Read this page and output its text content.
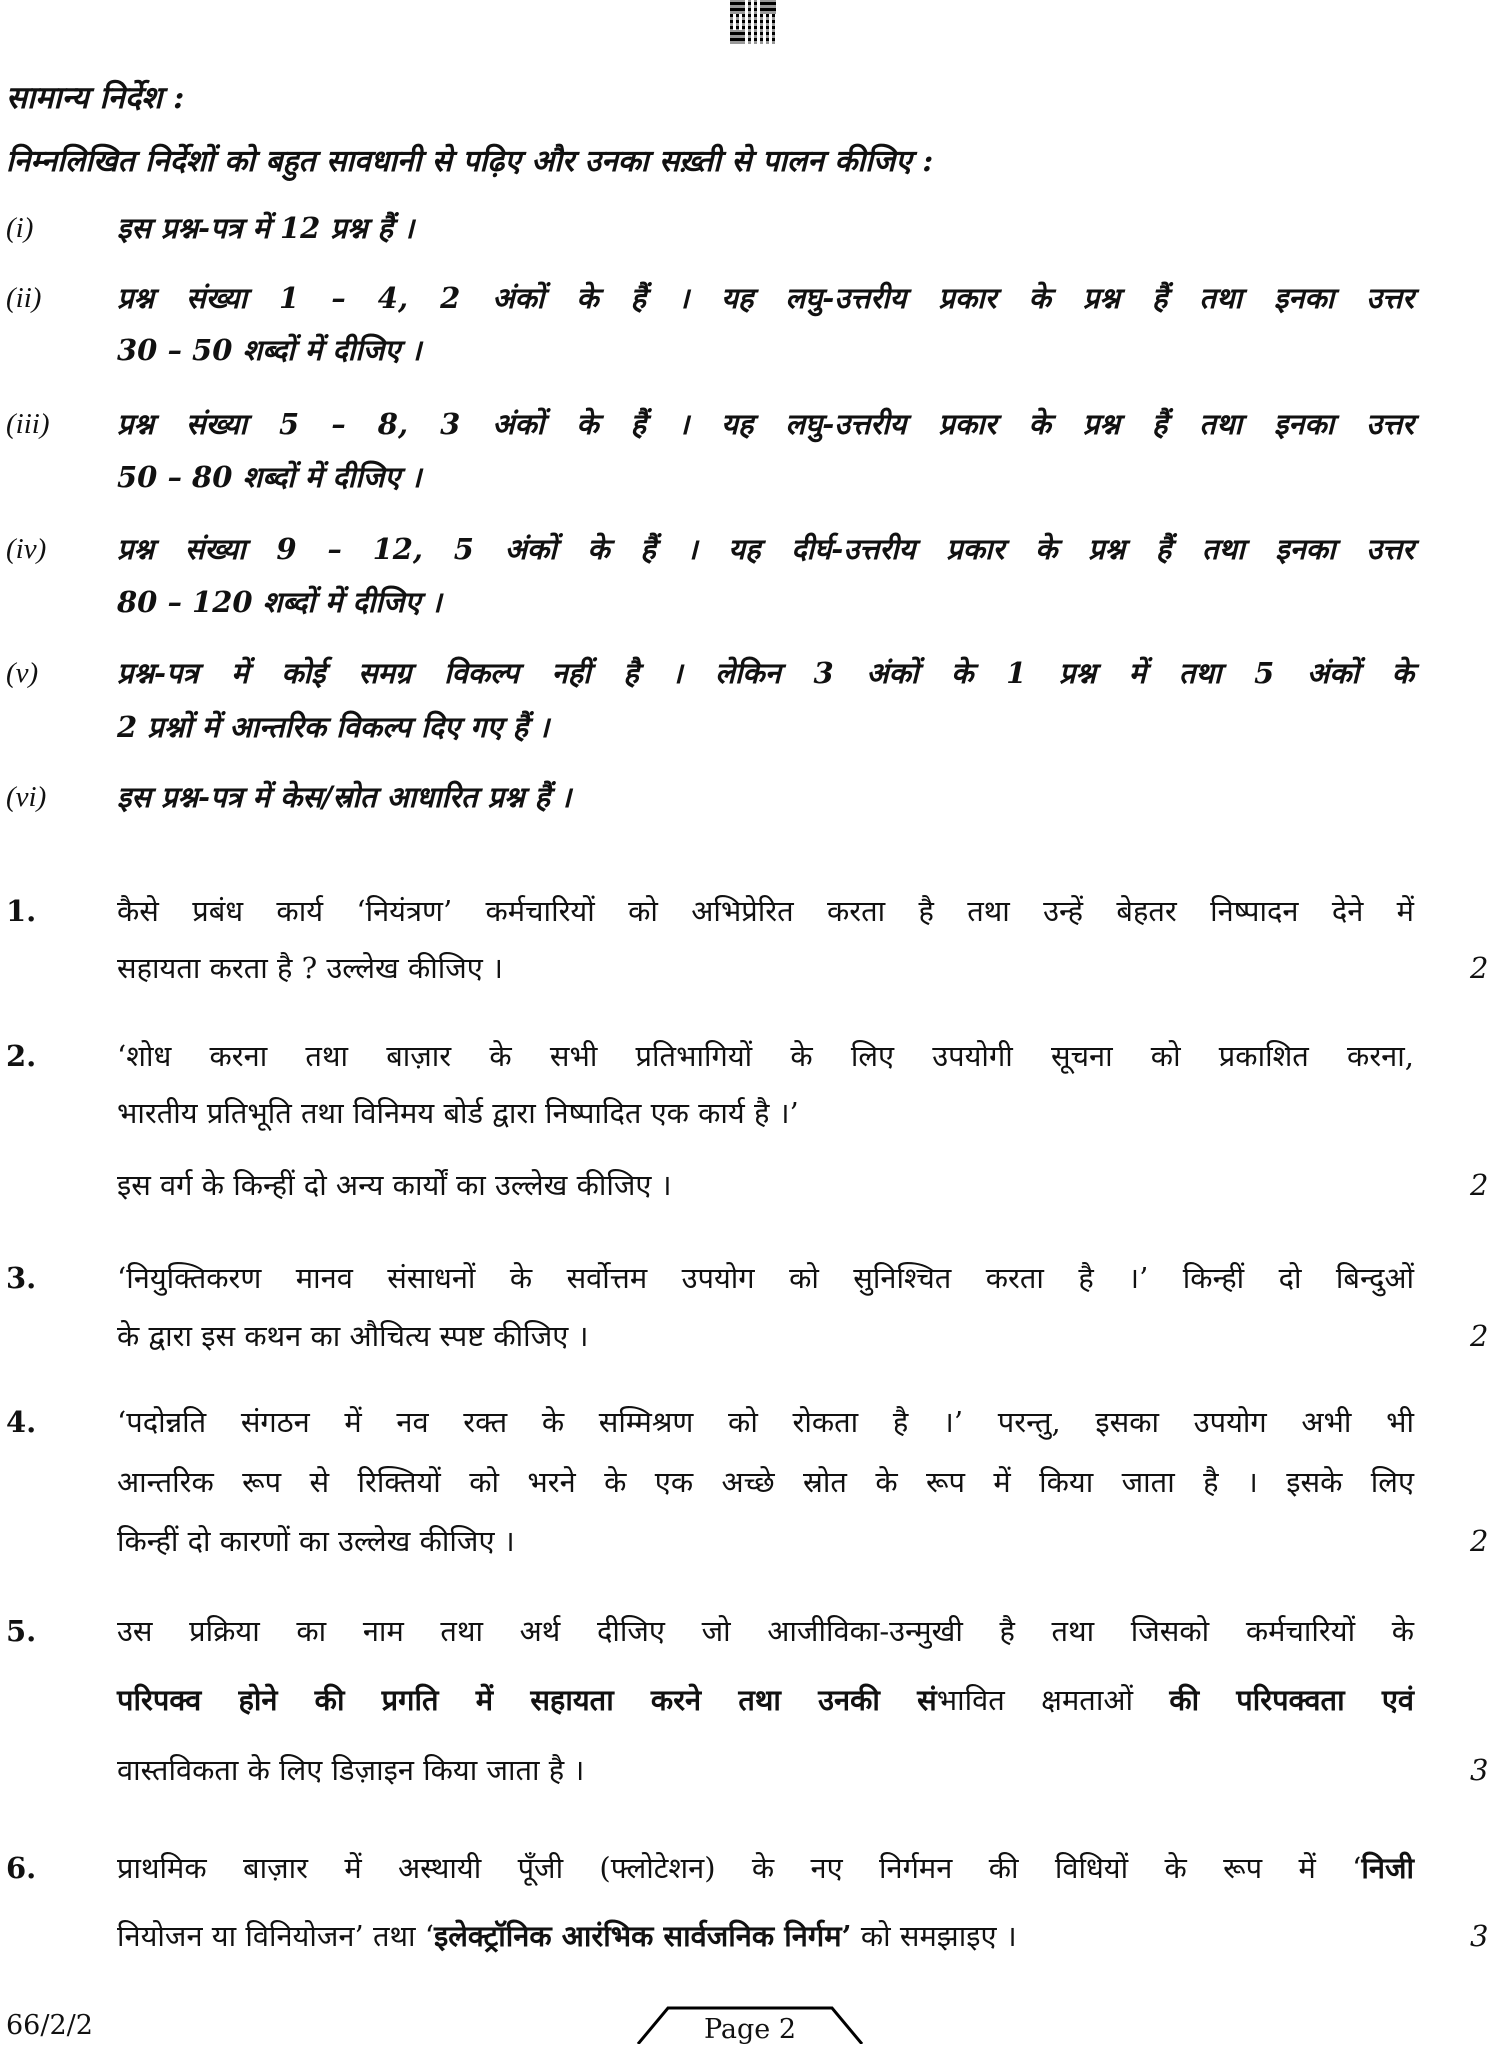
सामान्य निर्देश :
निम्नलिखित निर्देशों को बहुत सावधानी से पढ़िए और उनका सख़्ती से पालन कीजिए :
(i)	इस प्रश्न-पत्र में 12 प्रश्न हैं ।
(ii)	प्रश्न संख्या 1 – 4, 2 अंकों के हैं । यह लघु-उत्तरीय प्रकार के प्रश्न हैं तथा इनका उत्तर
30 – 50 शब्दों में दीजिए ।
(iii) प्रश्न संख्या 5 – 8, 3 अंकों के हैं । यह लघु-उत्तरीय प्रकार के प्रश्न हैं तथा इनका उत्तर
50 – 80 शब्दों में दीजिए ।
(iv) प्रश्न संख्या 9 – 12, 5 अंकों के हैं । यह दीर्घ-उत्तरीय प्रकार के प्रश्न हैं तथा इनका उत्तर
80 – 120 शब्दों में दीजिए ।
(v)	प्रश्न-पत्र में कोई समग्र विकल्प नहीं है । लेकिन 3 अंकों के 1 प्रश्न में तथा 5 अंकों के
2 प्रश्नों में आन्तरिक विकल्प दिए गए हैं ।
(vi) इस प्रश्न-पत्र में केस/स्रोत आधारित प्रश्न हैं ।
1.	कैसे प्रबंध कार्य ‘नियंत्रण’ कर्मचारियों को अभिप्रेरित करता है तथा उन्हें बेहतर निष्पादन देने में
सहायता करता है ? उल्लेख कीजिए ।	2
2.	‘शोध करना तथा बाज़ार के सभी प्रतिभागियों के लिए उपयोगी सूचना को प्रकाशित करना,
भारतीय प्रतिभूति तथा विनिमय बोर्ड द्वारा निष्पादित एक कार्य है ।’
इस वर्ग के किन्हीं दो अन्य कार्यों का उल्लेख कीजिए ।	2
3.	‘नियुक्तिकरण मानव संसाधनों के सर्वोत्तम उपयोग को सुनिश्चित करता है ।’ किन्हीं दो बिन्दुओं
के द्वारा इस कथन का औचित्य स्पष्ट कीजिए ।	2
4.	‘पदोन्नति संगठन में नव रक्त के सम्मिश्रण को रोकता है ।’ परन्तु, इसका उपयोग अभी भी
आन्तरिक रूप से रिक्तियों को भरने के एक अच्छे स्रोत के रूप में किया जाता है । इसके लिए
किन्हीं दो कारणों का उल्लेख कीजिए ।	2
5.	उस प्रक्रिया का नाम तथा अर्थ दीजिए जो आजीविका-उन्मुखी है तथा जिसको कर्मचारियों के
परिपक्व होने की प्रगति में सहायता करने तथा उनकी संभावित क्षमताओं की परिपक्वता एवं
वास्तविकता के लिए डिज़ाइन किया जाता है ।	3
6.	प्राथमिक बाज़ार में अस्थायी पूँजी (फ्लोटेशन) के नए निर्गमन की विधियों के रूप में ‘निजी
नियोजन या विनियोजन’ तथा ‘इलेक्ट्रॉनिक आरंभिक सार्वजनिक निर्गम’ को समझाइए ।	3
66/2/2	Page 2
